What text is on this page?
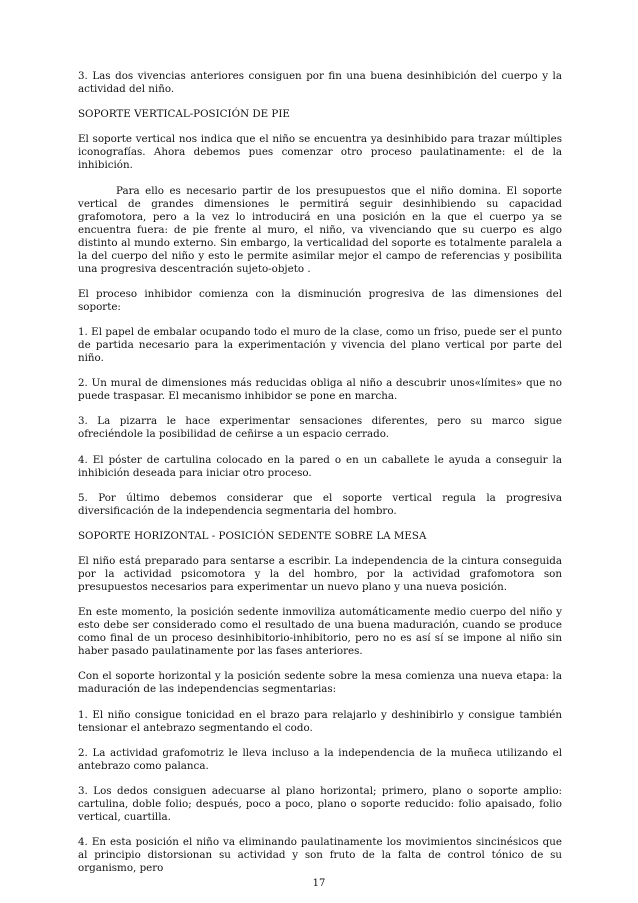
3. Las dos vivencias anteriores consiguen por fin una buena desinhibición del cuerpo y la actividad del niño.

SOPORTE VERTICAL-POSICIÓN DE PIE

El soporte vertical nos indica que el niño se encuentra ya desinhibido para trazar múltiples iconografías. Ahora debemos pues comenzar otro proceso paulatinamente: el de la inhibición.

Para ello es necesario partir de los presupuestos que el niño domina. El soporte vertical de grandes dimensiones le permitirá seguir desinhibiendo su capacidad grafomotora, pero a la vez lo introducirá en una posición en la que el cuerpo ya se encuentra fuera: de pie frente al muro, el niño, va vivenciando que su cuerpo es algo distinto al mundo externo. Sin embargo, la verticalidad del soporte es totalmente paralela a la del cuerpo del niño y esto le permite asimilar mejor el campo de referencias y posibilita una progresiva descentración sujeto-objeto .

El proceso inhibidor comienza con la disminución progresiva de las dimensiones del soporte:

1. El papel de embalar ocupando todo el muro de la clase, como un friso, puede ser el punto de partida necesario para la experimentación y vivencia del plano vertical por parte del niño.

2. Un mural de dimensiones más reducidas obliga al niño a descubrir unos«límites» que no puede traspasar. El mecanismo inhibidor se pone en marcha.

3. La pizarra le hace experimentar sensaciones diferentes, pero su marco sigue ofreciéndole la posibilidad de ceñirse a un espacio cerrado.

4. El póster de cartulina colocado en la pared o en un caballete le ayuda a conseguir la inhibición deseada para iniciar otro proceso.

5. Por último debemos considerar que el soporte vertical regula la progresiva diversificación de la independencia segmentaria del hombro.

SOPORTE HORIZONTAL - POSICIÓN SEDENTE SOBRE LA MESA

El niño está preparado para sentarse a escribir. La independencia de la cintura conseguida por la actividad psicomotora y la del hombro, por la actividad grafomotora son presupuestos necesarios para experimentar un nuevo plano y una nueva posición.

En este momento, la posición sedente inmoviliza automáticamente medio cuerpo del niño y esto debe ser considerado como el resultado de una buena maduración, cuando se produce como final de un proceso desinhibitorio-inhibitorio, pero no es así sí se impone al niño sin haber pasado paulatinamente por las fases anteriores.

Con el soporte horizontal y la posición sedente sobre la mesa comienza una nueva etapa: la maduración de las independencias segmentarias:

1. El niño consigue tonicidad en el brazo para relajarlo y deshinibirlo y consigue también tensionar el antebrazo segmentando el codo.

2. La actividad grafomotriz le lleva incluso a la independencia de la muñeca utilizando el antebrazo como palanca.

3. Los dedos consiguen adecuarse al plano horizontal; primero, plano o soporte amplio: cartulina, doble folio; después, poco a poco, plano o soporte reducido: folio apaisado, folio vertical, cuartilla.

4. En esta posición el niño va eliminando paulatinamente los movimientos sincinésicos que al principio distorsionan su actividad y son fruto de la falta de control tónico de su organismo, pero

17
